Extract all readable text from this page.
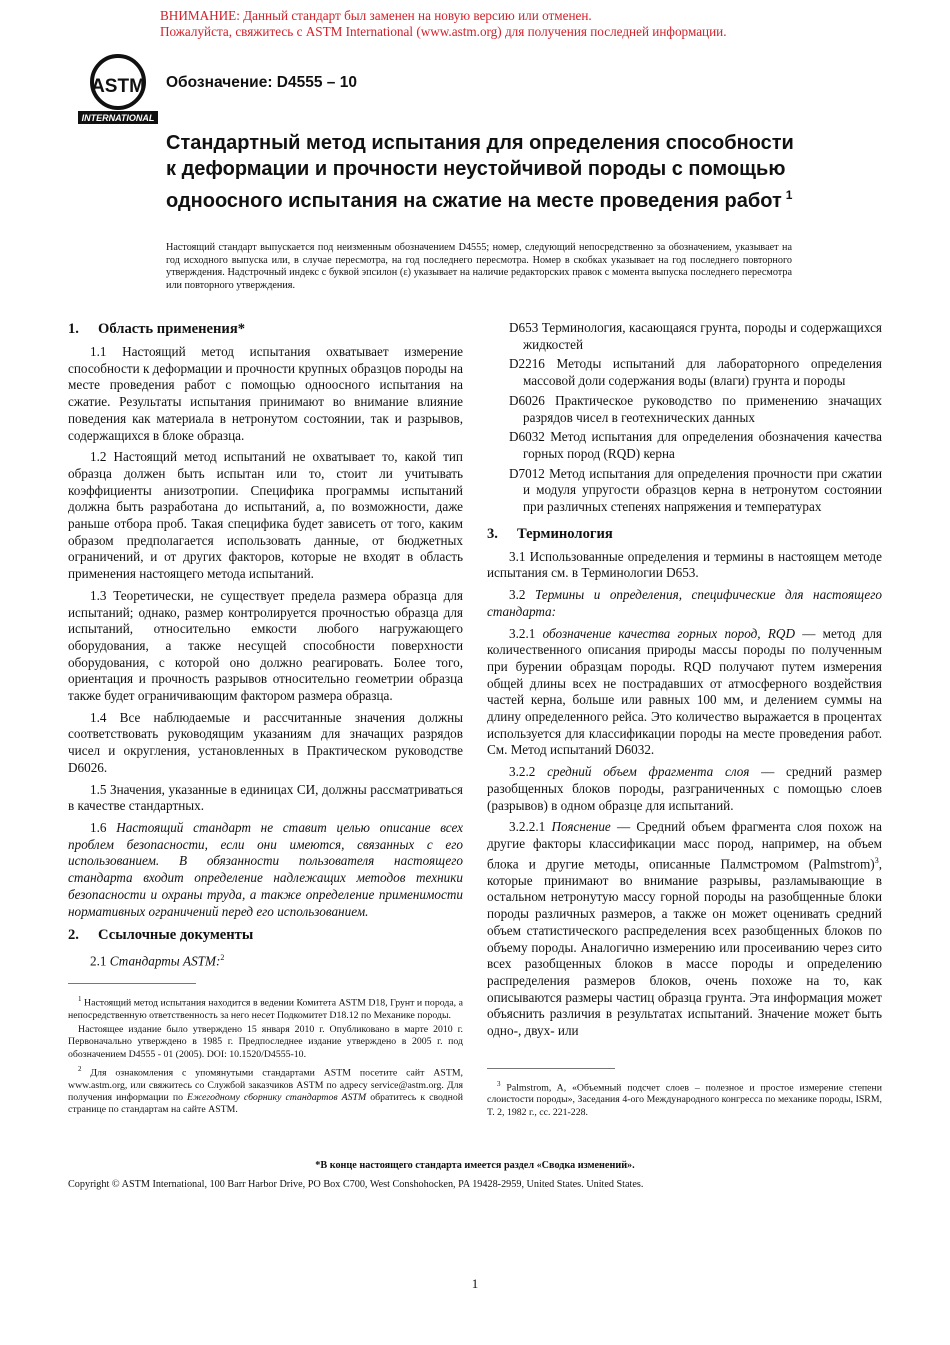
ВНИМАНИЕ: Данный стандарт был заменен на новую версию или отменен.
Пожалуйста, свяжитесь с ASTM International (www.astm.org) для получения последней информации.
ASTM
INTERNATIONAL
Обозначение: D4555 – 10
Стандартный метод испытания для определения способности к деформации и прочности неустойчивой породы с помощью одноосного испытания на сжатие на месте проведения работ $^1$
Настоящий стандарт выпускается под неизменным обозначением D4555; номер, следующий непосредственно за обозначением, указывает на год исходного выпуска или, в случае пересмотра, на год последнего пересмотра. Номер в скобках указывает на год последнего повторного утверждения. Надстрочный индекс с буквой эпсилон (ε) указывает на наличие редакторских правок с момента выпуска последнего пересмотра или повторного утверждения.
1. Область применения*

1.1 Настоящий метод испытания охватывает измерение способности к деформации и прочности крупных образцов породы на месте проведения работ с помощью одноосного испытания на сжатие. Результаты испытания принимают во внимание влияние поведения как материала в нетронутом состоянии, так и разрывов, содержащихся в блоке образца.

1.2 Настоящий метод испытаний не охватывает то, какой тип образца должен быть испытан или то, стоит ли учитывать коэффициенты анизотропии. Специфика программы испытаний должна быть разработана до испытаний, а, по возможности, даже раньше отбора проб. Такая специфика будет зависеть от того, каким образом предполагается использовать данные, от бюджетных ограничений, и от других факторов, которые не входят в область применения настоящего метода испытаний.

1.3 Теоретически, не существует предела размера образца для испытаний; однако, размер контролируется прочностью образца для испытаний, относительно емкости любого нагружающего оборудования, а также несущей способности поверхности оборудования, с которой оно должно реагировать. Более того, ориентация и прочность разрывов относительно геометрии образца также будет ограничивающим фактором размера образца.

1.4 Все наблюдаемые и рассчитанные значения должны соответствовать руководящим указаниям для значащих разрядов чисел и округления, установленных в Практическом руководстве D6026.

1.5 Значения, указанные в единицах СИ, должны рассматриваться в качестве стандартных.

1.6 Настоящий стандарт не ставит целью описание всех проблем безопасности, если они имеются, связанных с его использованием. В обязанности пользователя настоящего стандарта входит определение надлежащих методов техники безопасности и охраны труда, а также определение применимости нормативных ограничений перед его использованием.

2. Ссылочные документы

2.1 Стандарты ASTM:$^2$

$^1$ Настоящий метод испытания находится в ведении Комитета ASTM D18, Грунт и порода, а непосредственную ответственность за него несет Подкомитет D18.12 по Механике породы.
Настоящее издание было утверждено 15 января 2010 г. Опубликовано в марте 2010 г. Первоначально утверждено в 1985 г. Предпоследнее издание утверждено в 2005 г. под обозначением D4555 - 01 (2005). DOI: 10.1520/D4555-10.
$^2$ Для ознакомления с упомянутыми стандартами ASTM посетите сайт ASTM, www.astm.org, или свяжитесь со Службой заказчиков ASTM по адресу service@astm.org. Для получения информации по Ежегодному сборнику стандартов ASTM обратитесь к сводной странице по стандартам на сайте ASTM.

D653 Терминология, касающаяся грунта, породы и содержащихся жидкостей

D2216 Методы испытаний для лабораторного определения массовой доли содержания воды (влаги) грунта и породы

D6026 Практическое руководство по применению значащих разрядов чисел в геотехнических данных

D6032 Метод испытания для определения обозначения качества горных пород (RQD) керна

D7012 Метод испытания для определения прочности при сжатии и модуля упругости образцов керна в нетронутом состоянии при различных степенях напряжения и температурах

3. Терминология

3.1 Использованные определения и термины в настоящем методе испытания см. в Терминологии D653.

3.2 Термины и определения, специфические для настоящего стандарта:

3.2.1 обозначение качества горных пород, RQD — метод для количественного описания природы массы породы по полученным при бурении образцам породы. RQD получают путем измерения общей длины всех не пострадавших от атмосферного воздействия частей керна, больше или равных 100 мм, и делением суммы на длину определенного рейса. Это количество выражается в процентах используется для классификации породы на месте проведения работ. См. Метод испытаний D6032.

3.2.2 средний объем фрагмента слоя — средний размер разобщенных блоков породы, разграниченных с помощью слоев (разрывов) в одном образце для испытаний.

3.2.2.1 Пояснение — Средний объем фрагмента слоя похож на другие факторы классификации масс пород, например, на объем блока и другие методы, описанные Палмстромом (Palmstrom)$^3$, которые принимают во внимание разрывы, разламывающие в остальном нетронутую массу горной породы на разобщенные блоки породы различных размеров, а также он может оценивать средний объем статистического распределения всех разобщенных блоков по объему породы. Аналогично измерению или просеиванию через сито всех разобщенных блоков в массе породы и определению распределения размеров блоков, очень похоже на то, как описываются размеры частиц образца грунта. Эта информация может объяснить различия в результатах испытаний. Значение может быть одно-, двух- или

$^3$ Palmstrom, A, «Объемный подсчет слоев – полезное и простое измерение степени слоистости породы», Заседания 4-ого Международного конгресса по механике породы, ISRM, T. 2, 1982 г., сс. 221-228.
*В конце настоящего стандарта имеется раздел «Сводка изменений».
Copyright © ASTM International, 100 Barr Harbor Drive, PO Box C700, West Conshohocken, PA 19428-2959, United States. United States.
1
